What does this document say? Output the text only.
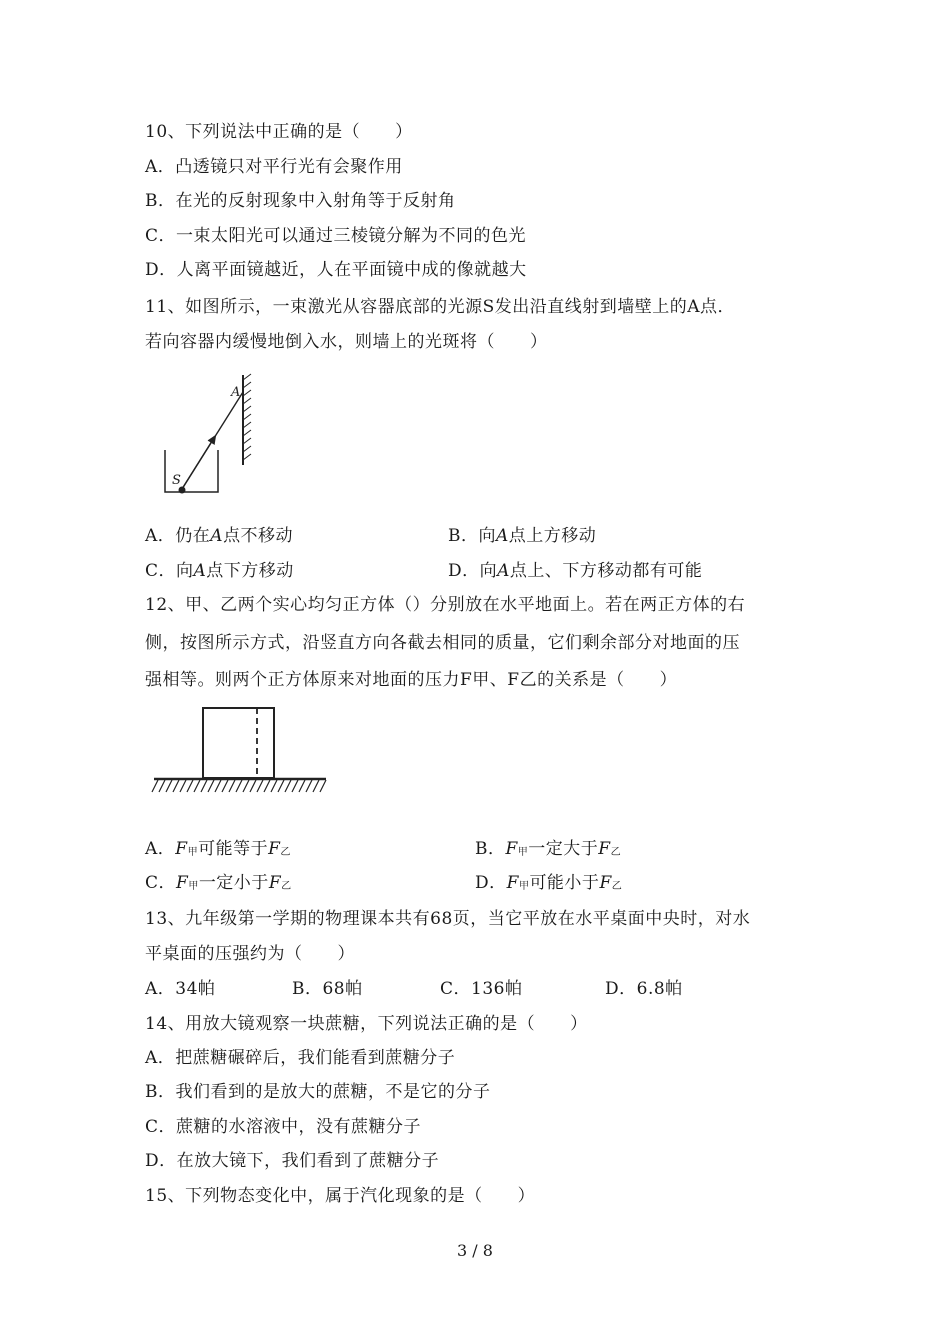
10、下列说法中正确的是（　　）
A．凸透镜只对平行光有会聚作用
B．在光的反射现象中入射角等于反射角
C．一束太阳光可以通过三棱镜分解为不同的色光
D．人离平面镜越近，人在平面镜中成的像就越大
11、如图所示，一束激光从容器底部的光源S发出沿直线射到墙壁上的A点．
若向容器内缓慢地倒入水，则墙上的光斑将（　　）
S
A
A．仍在A点不移动	B．向A点上方移动
C．向A点下方移动	D．向A点上、下方移动都有可能
12、甲、乙两个实心均匀正方体（）分别放在水平地面上。若在两正方体的右
侧，按图所示方式，沿竖直方向各截去相同的质量，它们剩余部分对地面的压
强相等。则两个正方体原来对地面的压力F甲、F乙的关系是（　　）
A．F甲可能等于F乙	B．F甲一定大于F乙
C．F甲一定小于F乙	D．F甲可能小于F乙
13、九年级第一学期的物理课本共有68页，当它平放在水平桌面中央时，对水
平桌面的压强约为（　　）
A．34帕	B．68帕	C．136帕	D．6.8帕
14、用放大镜观察一块蔗糖，下列说法正确的是（　　）
A．把蔗糖碾碎后，我们能看到蔗糖分子
B．我们看到的是放大的蔗糖，不是它的分子
C．蔗糖的水溶液中，没有蔗糖分子
D．在放大镜下，我们看到了蔗糖分子
15、下列物态变化中，属于汽化现象的是（　　）
3 / 8
